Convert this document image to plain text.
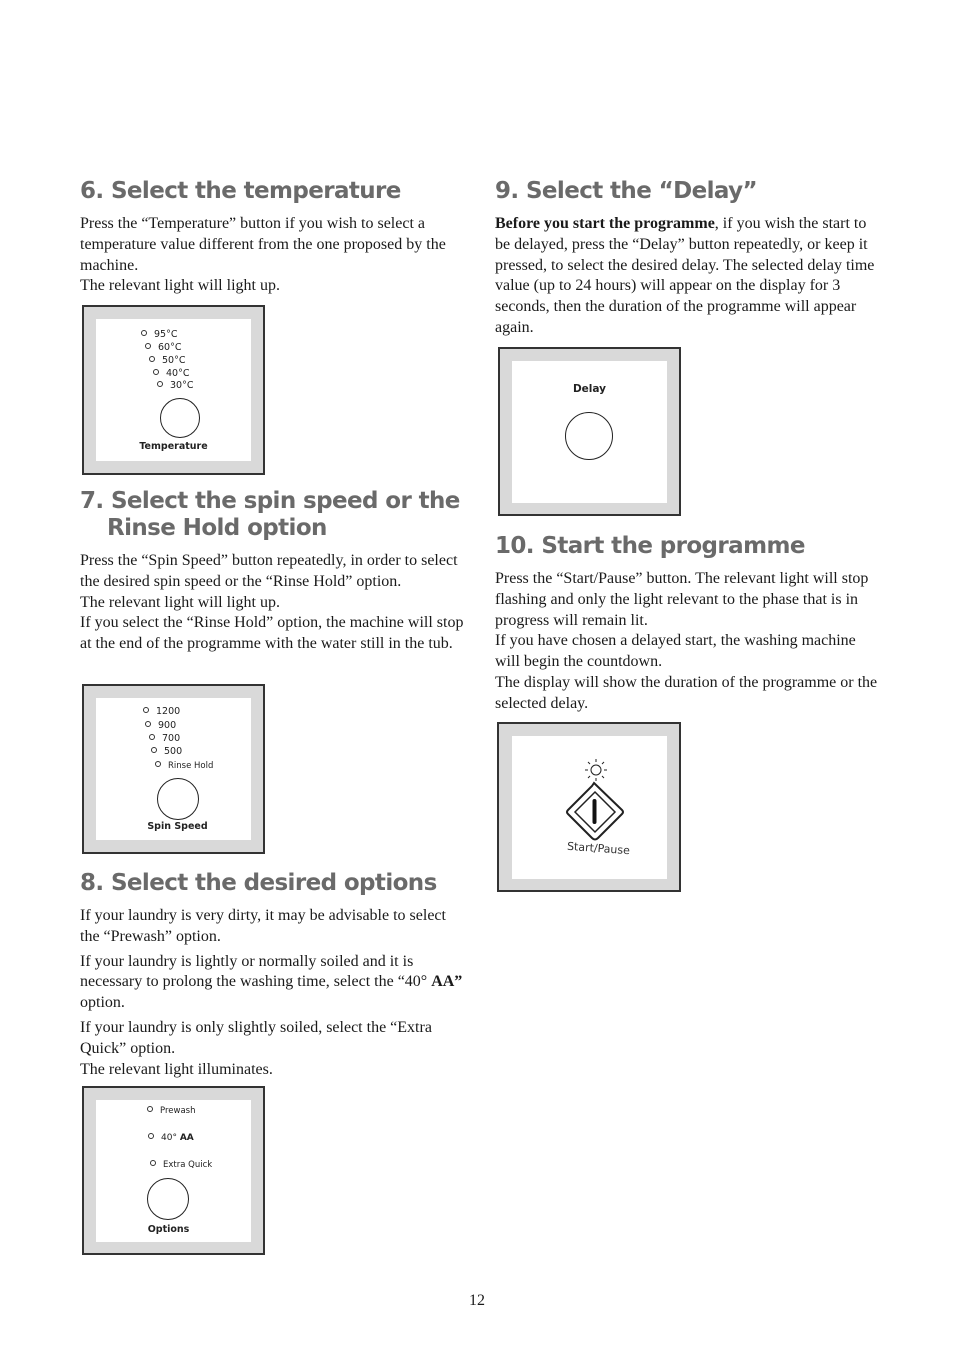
6. Select the temperature

Press the “Temperature” button if you wish to select a temperature value different from the one proposed by the machine.

The relevant light will light up.

95°C
60°C
50°C
40°C
30°C
Temperature
7. Select the spin speed or the
Rinse Hold option

Press the “Spin Speed” button repeatedly, in order to select the desired spin speed or the “Rinse Hold” option.

The relevant light will light up.

If you select the “Rinse Hold” option, the machine will stop at the end of the programme with the water still in the tub.

1200
900
700
500
Rinse Hold
Spin Speed
8. Select the desired options

If your laundry is very dirty, it may be advisable to select the “Prewash” option.

If your laundry is lightly or normally soiled and it is necessary to prolong the washing time, select the “40° AA” option.

If your laundry is only slightly soiled, select the “Extra Quick” option.

The relevant light illuminates.

Prewash
40° AA
Extra Quick
Options
9. Select the “Delay”

Before you start the programme, if you wish the start to be delayed, press the “Delay” button repeatedly, or keep it pressed, to select the desired delay. The selected delay time value (up to 24 hours) will appear on the display for 3 seconds, then the duration of the programme will appear again.

Delay
10. Start the programme

Press the “Start/Pause” button. The relevant light will stop flashing and only the light relevant to the phase that is in progress will remain lit.

If you have chosen a delayed start, the washing machine will begin the countdown.

The display will show the duration of the programme or the selected delay.

Start/Pause
12
